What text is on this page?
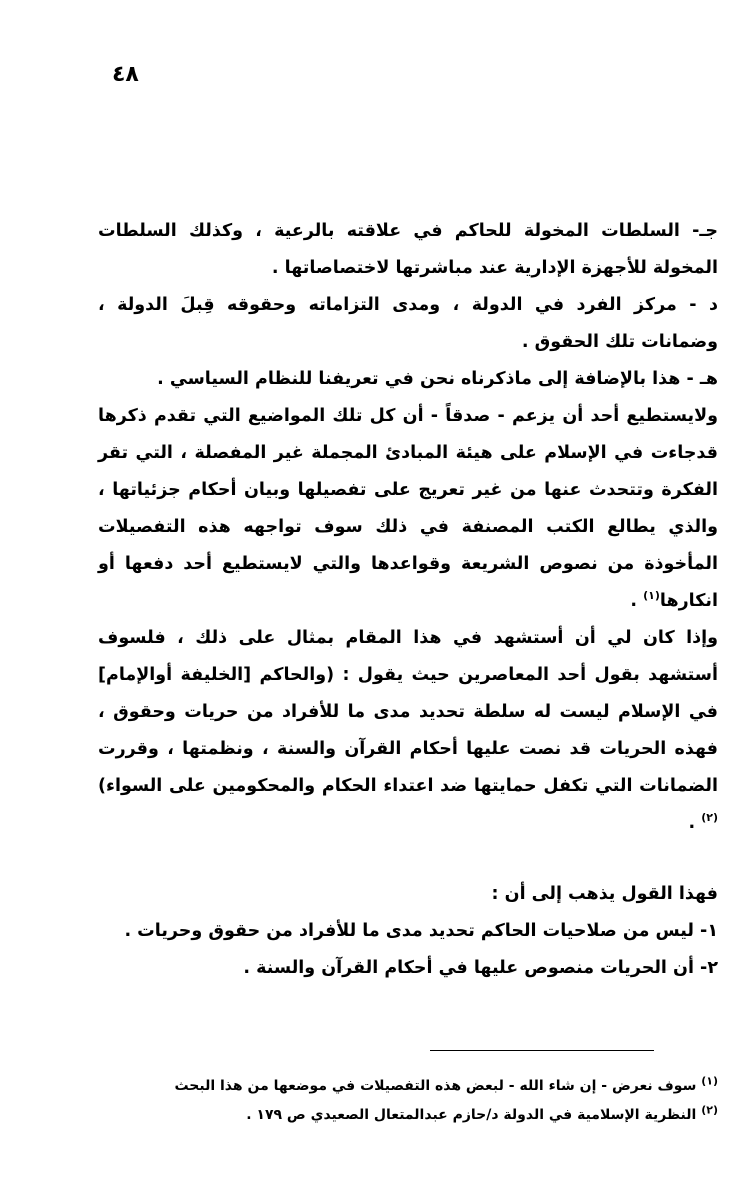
٤٨

جـ- السلطات المخولة للحاكم في علاقته بالرعية ، وكذلك السلطات المخولة للأجهزة الإدارية عند مباشرتها لاختصاصاتها .

د - مركز الفرد في الدولة ، ومدى التزاماته وحقوقه قِبلَ الدولة ، وضمانات تلك الحقوق .

هـ - هذا بالإضافة إلى ماذكرناه نحن في تعريفنا للنظام السياسي .

ولايستطيع أحد أن يزعم - صدقاً - أن كل تلك المواضيع التي تقدم ذكرها قدجاءت في الإسلام على هيئة المبادئ المجملة غير المفصلة ، التي تقر الفكرة وتتحدث عنها من غير تعريج على تفصيلها وبيان أحكام جزئياتها ، والذي يطالع الكتب المصنفة في ذلك سوف تواجهه هذه التفصيلات المأخوذة من نصوص الشريعة وقواعدها والتي لايستطيع أحد دفعها أو انكارها$^{(١)}$ .

وإذا كان لي أن أستشهد في هذا المقام بمثال على ذلك ، فلسوف أستشهد بقول أحد المعاصرين حيث يقول : (والحاكم [الخليفة أوالإمام] في الإسلام ليست له سلطة تحديد مدى ما للأفراد من حريات وحقوق ، فهذه الحريات قد نصت عليها أحكام القرآن والسنة ، ونظمتها ، وقررت الضمانات التي تكفل حمايتها ضد اعتداء الحكام والمحكومين على السواء) $^{(٢)}$ .

فهذا القول يذهب إلى أن :

١- ليس من صلاحيات الحاكم تحديد مدى ما للأفراد من حقوق وحريات .

٢- أن الحريات منصوص عليها في أحكام القرآن والسنة .

$^{(١)}$ سوف نعرض - إن شاء الله - لبعض هذه التفصيلات في موضعها من هذا البحث

$^{(٢)}$ النظرية الإسلامية في الدولة د/حازم عبدالمتعال الصعيدي ص ١٧٩ .
